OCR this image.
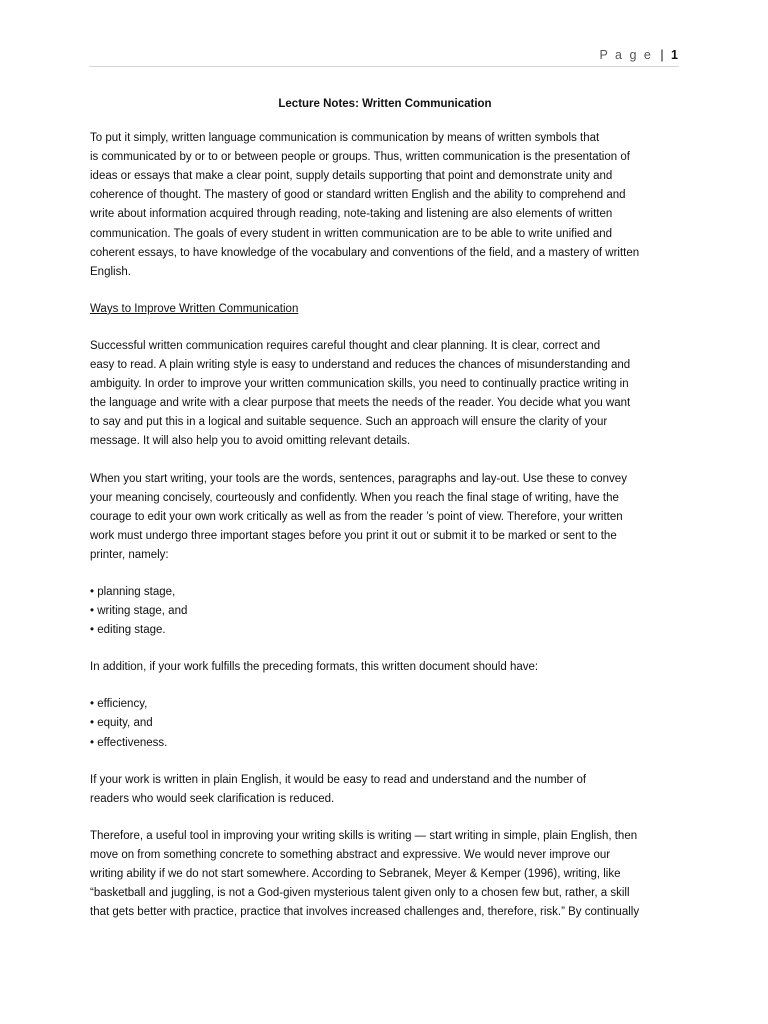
P a g e | 1
Lecture Notes: Written Communication
To put it simply, written language communication is communication by means of written symbols that
is communicated by or to or between people or groups. Thus, written communication is the presentation of
ideas or essays that make a clear point, supply details supporting that point and demonstrate unity and
coherence of thought. The mastery of good or standard written English and the ability to comprehend and
write about information acquired through reading, note-taking and listening are also elements of written
communication. The goals of every student in written communication are to be able to write unified and
coherent essays, to have knowledge of the vocabulary and conventions of the field, and a mastery of written
English.
Ways to Improve Written Communication
Successful written communication requires careful thought and clear planning. It is clear, correct and
easy to read. A plain writing style is easy to understand and reduces the chances of misunderstanding and
ambiguity. In order to improve your written communication skills, you need to continually practice writing in
the language and write with a clear purpose that meets the needs of the reader. You decide what you want
to say and put this in a logical and suitable sequence. Such an approach will ensure the clarity of your
message. It will also help you to avoid omitting relevant details.
When you start writing, your tools are the words, sentences, paragraphs and lay-out. Use these to convey
your meaning concisely, courteously and confidently. When you reach the final stage of writing, have the
courage to edit your own work critically as well as from the reader ’s point of view. Therefore, your written
work must undergo three important stages before you print it out or submit it to be marked or sent to the
printer, namely:
• planning stage,
• writing stage, and
• editing stage.
In addition, if your work fulfills the preceding formats, this written document should have:
• efficiency,
• equity, and
• effectiveness.
If your work is written in plain English, it would be easy to read and understand and the number of
readers who would seek clarification is reduced.
Therefore, a useful tool in improving your writing skills is writing — start writing in simple, plain English, then
move on from something concrete to something abstract and expressive. We would never improve our
writing ability if we do not start somewhere. According to Sebranek, Meyer & Kemper (1996), writing, like
“basketball and juggling, is not a God-given mysterious talent given only to a chosen few but, rather, a skill
that gets better with practice, practice that involves increased challenges and, therefore, risk.” By continually
